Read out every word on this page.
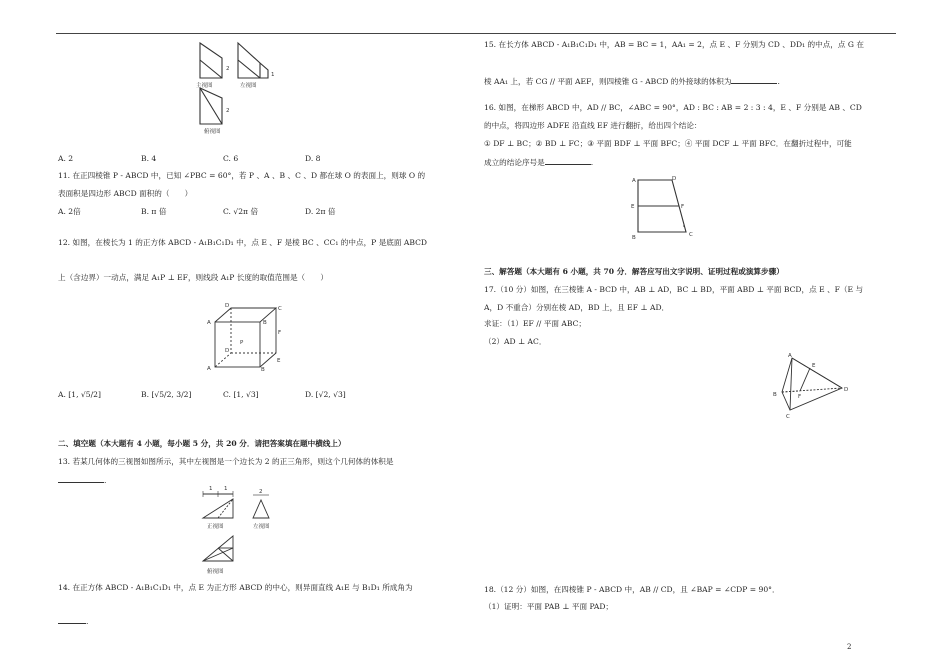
主视图	左视图
俯视图
2
1
2
A. 2	B. 4	C. 6	D. 8
11. 在正四棱锥 P - ABCD 中，已知 ∠PBC = 60°，若 P 、A 、B 、C 、D 都在球 O 的表面上，则球 O 的
表面积是四边形 ABCD 面积的（　　）
A. 2倍	B. π 倍	C. √2π 倍	D. 2π 倍
12. 如图，在棱长为 1 的正方体 ABCD - A₁B₁C₁D₁ 中，点 E 、F 是棱 BC 、CC₁ 的中点，P 是底面 ABCD
上（含边界）一动点，满足 A₁P ⊥ EF，则线段 A₁P 长度的取值范围是（　　）
A	B
C
D
A	B
D
E
F
P
A. [1, √5/2]	B. [√5/2, 3/2]	C. [1, √3]	D. [√2, √3]
二、填空题（本大题有 4 小题，每小题 5 分，共 20 分．请把答案填在题中横线上）
13. 若某几何体的三视图如图所示，其中左视图是一个边长为 2 的正三角形，则这个几何体的体积是
.
1 1	2
正视图	左视图
俯视图
14. 在正方体 ABCD - A₁B₁C₁D₁ 中，点 E 为正方形 ABCD 的中心，则异面直线 A₁E 与 B₁D₁ 所成角为
.
15. 在长方体 ABCD - A₁B₁C₁D₁ 中，AB = BC = 1，AA₁ = 2，点 E 、F 分别为 CD 、DD₁ 的中点，点 G 在
棱 AA₁ 上，若 CG // 平面 AEF，则四棱锥 G - ABCD 的外接球的体积为	.
16. 如图，在梯形 ABCD 中，AD // BC，∠ABC = 90°，AD : BC : AB = 2 : 3 : 4，E 、F 分别是 AB 、CD
的中点，将四边形 ADFE 沿直线 EF 进行翻折，给出四个结论：
① DF ⊥ BC；② BD ⊥ FC；③ 平面 BDF ⊥ 平面 BFC；④ 平面 DCF ⊥ 平面 BFC．在翻折过程中，可能
成立的结论序号是	.
A	D
E	F
B	C
三、解答题（本大题有 6 小题，共 70 分．解答应写出文字说明、证明过程或演算步骤）
17.（10 分）如图，在三棱锥 A - BCD 中，AB ⊥ AD，BC ⊥ BD，平面 ABD ⊥ 平面 BCD，点 E 、F（E 与
A，D 不重合）分别在棱 AD，BD 上，且 EF ⊥ AD．
求证：（1）EF // 平面 ABC；
（2）AD ⊥ AC．
A
E
B	F
D
C
18.（12 分）如图，在四棱锥 P - ABCD 中，AB // CD，且 ∠BAP = ∠CDP = 90°．
（1）证明：平面 PAB ⊥ 平面 PAD；
2
